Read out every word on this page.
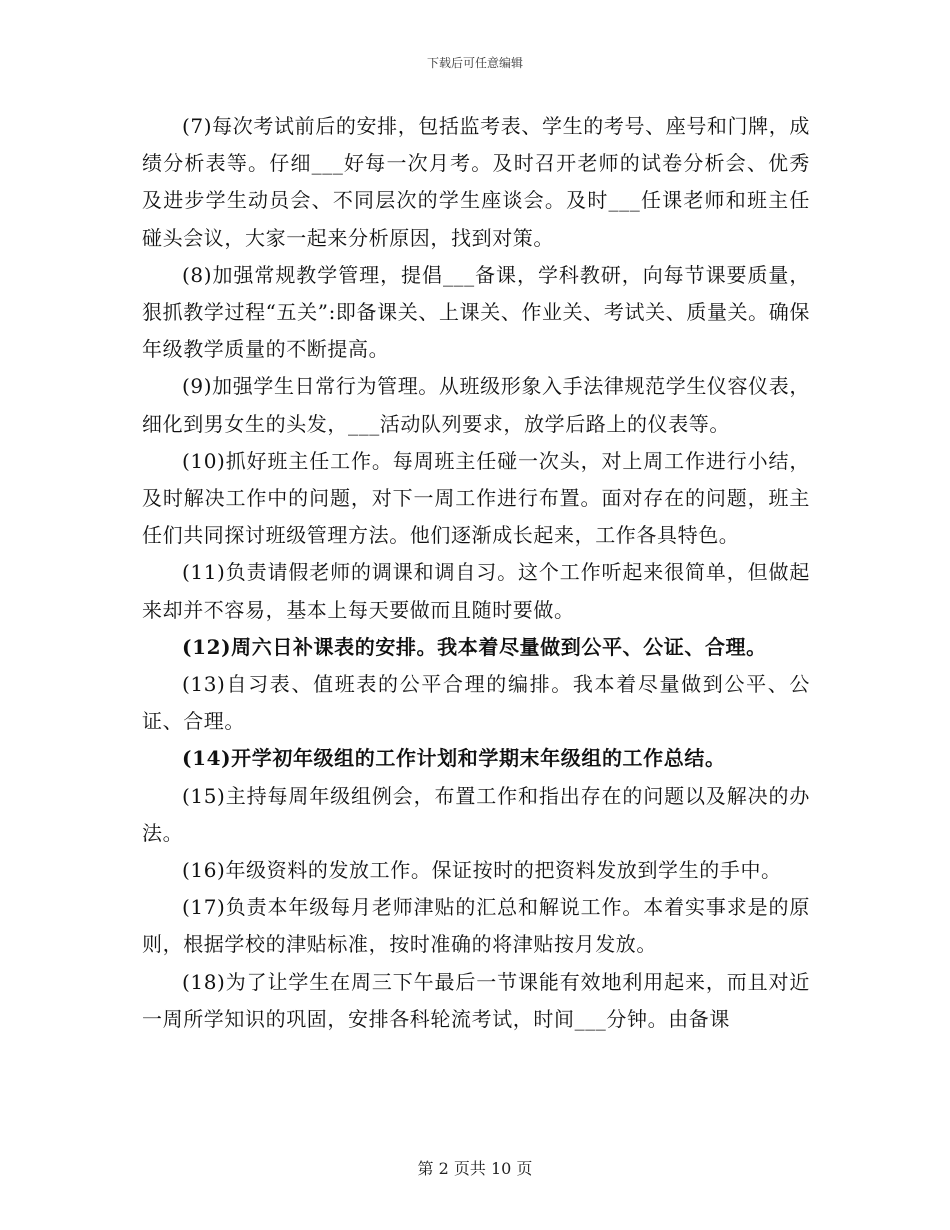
下载后可任意编辑

(7)每次考试前后的安排，包括监考表、学生的考号、座号和门牌，成绩分析表等。仔细___好每一次月考。及时召开老师的试卷分析会、优秀及进步学生动员会、不同层次的学生座谈会。及时___任课老师和班主任碰头会议，大家一起来分析原因，找到对策。

(8)加强常规教学管理，提倡___备课，学科教研，向每节课要质量，狠抓教学过程“五关”:即备课关、上课关、作业关、考试关、质量关。确保年级教学质量的不断提高。

(9)加强学生日常行为管理。从班级形象入手法律规范学生仪容仪表，细化到男女生的头发，___活动队列要求，放学后路上的仪表等。

(10)抓好班主任工作。每周班主任碰一次头，对上周工作进行小结，及时解决工作中的问题，对下一周工作进行布置。面对存在的问题，班主任们共同探讨班级管理方法。他们逐渐成长起来，工作各具特色。

(11)负责请假老师的调课和调自习。这个工作听起来很简单，但做起来却并不容易，基本上每天要做而且随时要做。

(12)周六日补课表的安排。我本着尽量做到公平、公证、合理。

(13)自习表、值班表的公平合理的编排。我本着尽量做到公平、公证、合理。

(14)开学初年级组的工作计划和学期末年级组的工作总结。

(15)主持每周年级组例会，布置工作和指出存在的问题以及解决的办法。

(16)年级资料的发放工作。保证按时的把资料发放到学生的手中。

(17)负责本年级每月老师津贴的汇总和解说工作。本着实事求是的原则，根据学校的津贴标准，按时准确的将津贴按月发放。

(18)为了让学生在周三下午最后一节课能有效地利用起来，而且对近一周所学知识的巩固，安排各科轮流考试，时间___分钟。由备课

第 2 页共 10 页
